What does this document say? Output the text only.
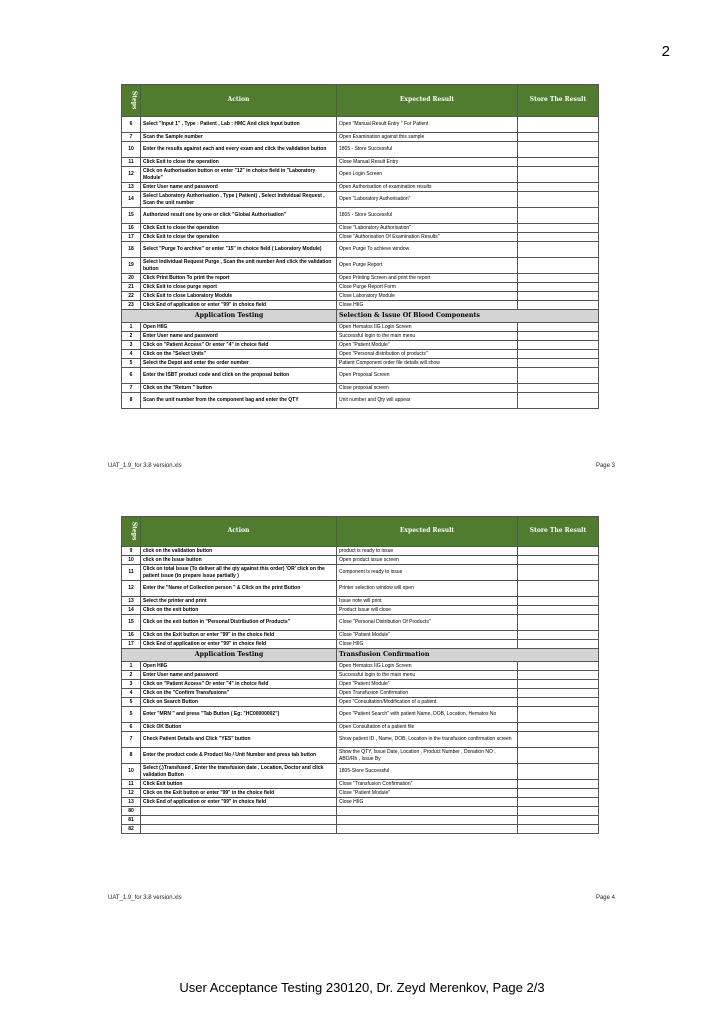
2
Steps	Action	Expected Result	Store The Result
6	Select "Input 1" , Type : Patient , Lab : HMC And click Input button	Open "Manual Result Entry " For Patient	
7	Scan the Sample number	Open Examination against this sample	
10	Enter the results against each and every exam and click the validation button	1805 - Store Successful	
11	Click Exit to close the operation	Close Manual Result Entry	
12	Click on Authorisation button or enter "12" in choice field in "Laboratory Module"	Open Login Screen	
13	Enter User name and password	Open Authorisation of examination results	
14	Select Laboratory Authorisation , Type ( Patient) , Select Individual Request , Scan the unit number	Open "Laboratory Authorisation"	
15	Authorized result one by one or click "Global Authorisation"	1805 - Store Successful	
16	Click Exit to close the operation	Close "Laboratory Authorisation"	
17	Click Exit to close the operation	Close "Authorisation Of Examination Results"	
18	Select "Purge To archive" or enter "15" in choice field ( Laboratory Module)	Open Purge To achieve window	
19	Select Individual Request Purge , Scan the unit number And click the validation button	Open Purge Report	
20	Click Print Button To print the report	Open Printing Screen and print the report	
21	Click Exit to close purge report	Close Purge Report Form	
22	Click Exit to close Laboratory Module	Close Laboratory Module	
23	Click End of application or enter "99" in choice field	Close HIIG	
Application Testing		Selection & Issue Of Blood Components	
1	Open HIIG	Open Hematos IIG Login Screen	
2	Enter User name and password	Successful login to the main menu	
3	Click on "Patient Access" Or enter "4" in choice field	Open "Patient Module"	
4	Click on the "Select Units"	Open "Personal distribution of products"	
5	Select the Depot and enter the order number	Patient Component order file details will show	
6	Enter the ISBT product code and click on the proposal button	Open Proposal Screen	
7	Click on the "Return " button	Close proposal screen	
8	Scan the unit number from the component bag and enter the QTY	Unit number and Qty will appear	
UAT_1.9_for 3.8 version.xls	Page 3
Steps	Action	Expected Result	Store The Result
9	click on the validation button	product is ready to issue	
10	click on the Issue button	Open product issue screen	
11	Click on total Issue (To deliver all the qty against this order) 'OR' click on the patient issue (to prepare issue partially )	Component is ready to issue	
12	Enter the "Name of Collection person " & Click on the print Button	Printer selection window will open	
13	Select the printer and print	Issue note will print	
14	Click on the exit button	Product Issue will close	
15	Click on the exit button in "Personal Distribution of Products"	Close "Personal Distribution Of Products"	
16	Click on the Exit button or enter "99" in the choice field	Close "Patient Module"	
17	Click End of application or enter "99" in choice field	Close HIIG	
Application Testing		Transfusion Confirmation	
1	Open HIIG	Open Hematos IIG Login Screen	
2	Enter User name and password	Successful login to the main menu	
3	Click on "Patient Access" Or enter "4" in choice field	Open "Patient Module"	
4	Click on the "Confirm Transfusions"	Open Transfusion Confirmation	
5	Click on Search Button	Open "Consultation/Modification of a patient	
5	Enter "MRN " and press "Tab Button ( Eg: "HC00000002")	Open "Patient Search" with patient Name, DOB, Location, Hematos No	
6	Click OK Button	Open Consultation of a patient file	
7	Check Patient Details and Click "YES" button	Show patient ID , Name, DOB, Location in the transfusion confirmation screen	
8	Enter the product code & Product No / Unit Number and press tab button	Show the QTY, Issue Date, Location , Product Number , Donation NO , ABO/Rh , Issue By	
10	Select (.)Transfused , Enter the transfusion date , Location, Doctor and click validation Button	1805-Store Successful	
11	Click Exit button	Close "Transfusion Confirmation"	
12	Click on the Exit button or enter "99" in the choice field	Close "Patient Module"	
13	Click End of application or enter "99" in choice field	Close HIIG	
80			
81			
82			
UAT_1.9_for 3.8 version.xls	Page 4
User Acceptance Testing 230120, Dr. Zeyd Merenkov, Page 2/3
